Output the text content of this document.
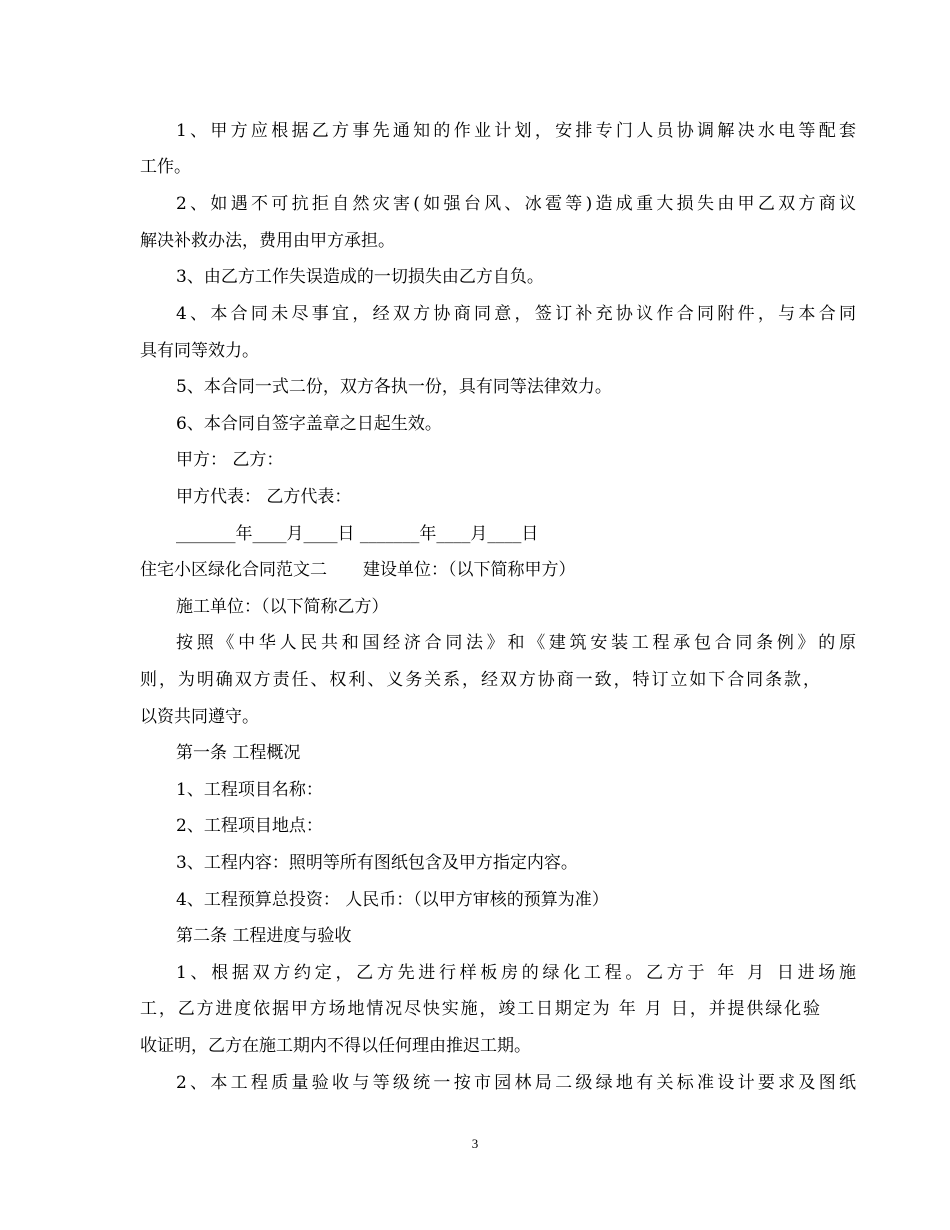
1、甲方应根据乙方事先通知的作业计划，安排专门人员协调解决水电等配套
工作。
2、如遇不可抗拒自然灾害(如强台风、冰雹等)造成重大损失由甲乙双方商议
解决补救办法，费用由甲方承担。
3、由乙方工作失误造成的一切损失由乙方自负。
4、本合同未尽事宜，经双方协商同意，签订补充协议作合同附件，与本合同
具有同等效力。
5、本合同一式二份，双方各执一份，具有同等法律效力。
6、本合同自签字盖章之日起生效。
甲方： 乙方：
甲方代表： 乙方代表：
_______年____月____日 _______年____月____日
住宅小区绿化合同范文二 建设单位：（以下简称甲方）
施工单位：（以下简称乙方）
按照《中华人民共和国经济合同法》和《建筑安装工程承包合同条例》的原
则，为明确双方责任、权利、义务关系，经双方协商一致，特订立如下合同条款，
以资共同遵守。
第一条 工程概况
1、工程项目名称：
2、工程项目地点：
3、工程内容：照明等所有图纸包含及甲方指定内容。
4、工程预算总投资： 人民币：（以甲方审核的预算为准）
第二条 工程进度与验收
1、根据双方约定，乙方先进行样板房的绿化工程。乙方于 年 月 日进场施
工，乙方进度依据甲方场地情况尽快实施，竣工日期定为 年 月 日，并提供绿化验
收证明，乙方在施工期内不得以任何理由推迟工期。
2、本工程质量验收与等级统一按市园林局二级绿地有关标准设计要求及图纸
3
